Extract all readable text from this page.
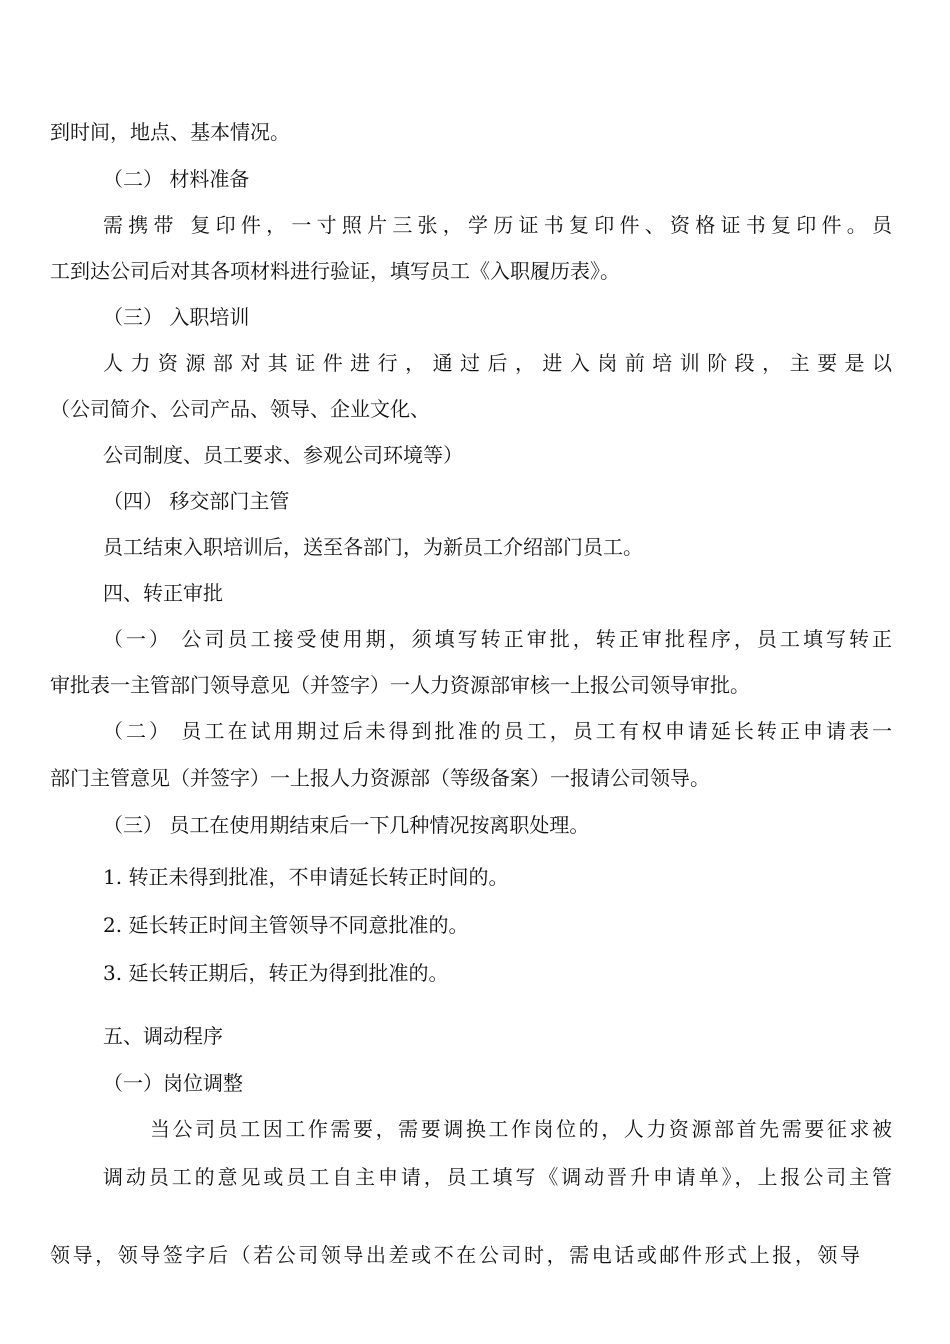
到时间，地点、基本情况。
（二） 材料准备
需携带 复印件，一寸照片三张，学历证书复印件、资格证书复印件。员
工到达公司后对其各项材料进行验证，填写员工《入职履历表》。
（三） 入职培训
人力资源部对其证件进行，通过后，进入岗前培训阶段，主要是以
（公司简介、公司产品、领导、企业文化、
公司制度、员工要求、参观公司环境等）
（四） 移交部门主管
员工结束入职培训后，送至各部门，为新员工介绍部门员工。
四、转正审批
（一） 公司员工接受使用期，须填写转正审批，转正审批程序，员工填写转正
审批表一主管部门领导意见（并签字）一人力资源部审核一上报公司领导审批。
（二） 员工在试用期过后未得到批准的员工，员工有权申请延长转正申请表一
部门主管意见（并签字）一上报人力资源部（等级备案）一报请公司领导。
（三） 员工在使用期结束后一下几种情况按离职处理。
1. 转正未得到批准，不申请延长转正时间的。
2. 延长转正时间主管领导不同意批准的。
3. 延长转正期后，转正为得到批准的。
五、调动程序
（一）岗位调整
当公司员工因工作需要，需要调换工作岗位的，人力资源部首先需要征求被
调动员工的意见或员工自主申请，员工填写《调动晋升申请单》，上报公司主管
领导，领导签字后（若公司领导出差或不在公司时，需电话或邮件形式上报，领导
